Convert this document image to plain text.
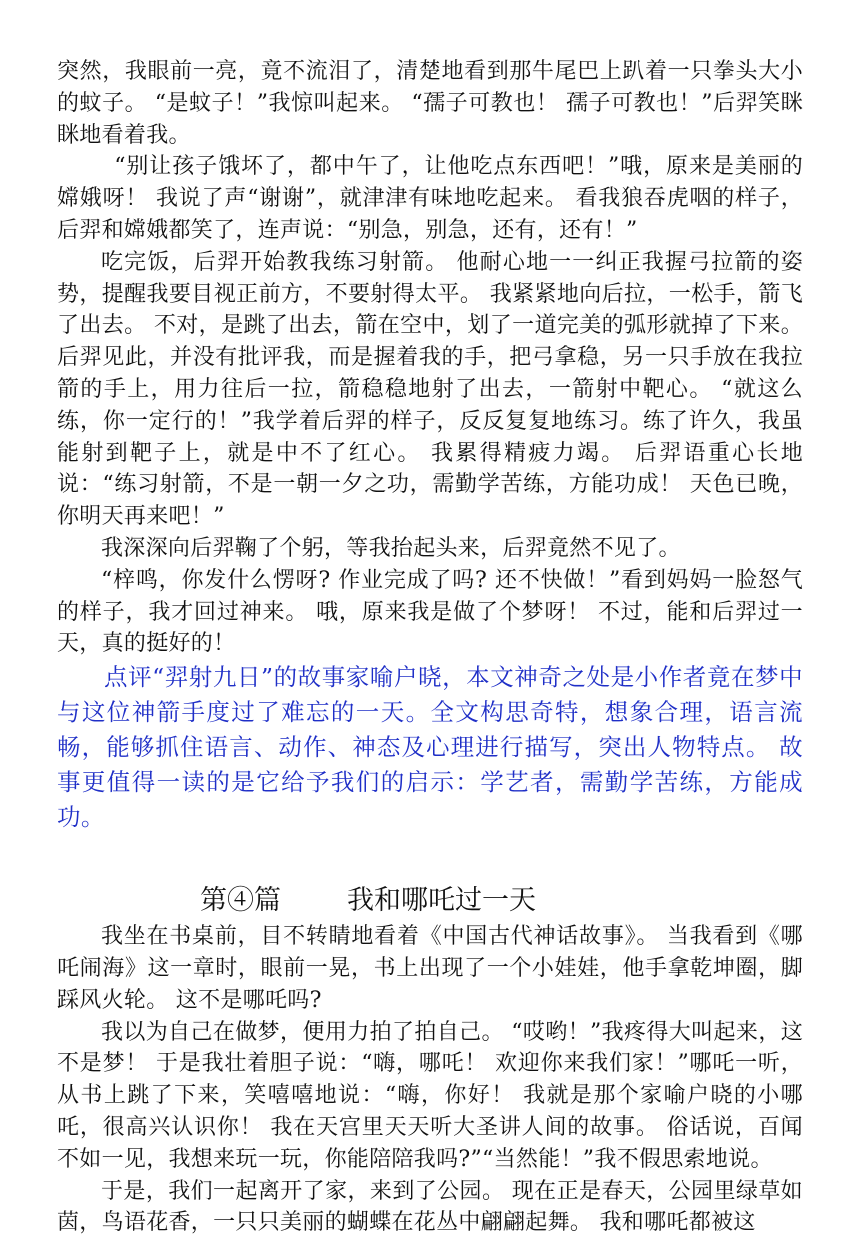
突然，我眼前一亮，竟不流泪了，清楚地看到那牛尾巴上趴着一只拳头大小的蚊子。 “是蚊子！”我惊叫起来。 “孺子可教也！ 孺子可教也！”后羿笑眯眯地看着我。

“别让孩子饿坏了，都中午了，让他吃点东西吧！”哦，原来是美丽的嫦娥呀！ 我说了声“谢谢”，就津津有味地吃起来。 看我狼吞虎咽的样子，后羿和嫦娥都笑了，连声说：“别急，别急，还有，还有！”

吃完饭，后羿开始教我练习射箭。 他耐心地一一纠正我握弓拉箭的姿势，提醒我要目视正前方，不要射得太平。 我紧紧地向后拉，一松手，箭飞了出去。 不对，是跳了出去，箭在空中，划了一道完美的弧形就掉了下来。 后羿见此，并没有批评我，而是握着我的手，把弓拿稳，另一只手放在我拉箭的手上，用力往后一拉，箭稳稳地射了出去，一箭射中靶心。 “就这么练，你一定行的！”我学着后羿的样子，反反复复地练习。练了许久，我虽能射到靶子上，就是中不了红心。 我累得精疲力竭。 后羿语重心长地说：“练习射箭，不是一朝一夕之功，需勤学苦练，方能功成！ 天色已晚，你明天再来吧！”

我深深向后羿鞠了个躬，等我抬起头来，后羿竟然不见了。

“梓鸣，你发什么愣呀? 作业完成了吗? 还不快做！”看到妈妈一脸怒气的样子，我才回过神来。 哦，原来我是做了个梦呀！ 不过，能和后羿过一天，真的挺好的！

点评“羿射九日”的故事家喻户晓，本文神奇之处是小作者竟在梦中与这位神箭手度过了难忘的一天。全文构思奇特，想象合理，语言流畅，能够抓住语言、动作、神态及心理进行描写，突出人物特点。 故事更值得一读的是它给予我们的启示：学艺者，需勤学苦练，方能成功。

第④篇 我和哪吒过一天

我坐在书桌前，目不转睛地看着《中国古代神话故事》。 当我看到《哪吒闹海》这一章时，眼前一晃，书上出现了一个小娃娃，他手拿乾坤圈，脚踩风火轮。 这不是哪吒吗?

我以为自己在做梦，便用力拍了拍自己。 “哎哟！”我疼得大叫起来，这不是梦！ 于是我壮着胆子说：“嗨，哪吒！ 欢迎你来我们家！”哪吒一听，从书上跳了下来，笑嘻嘻地说：“嗨，你好！ 我就是那个家喻户晓的小哪吒，很高兴认识你！ 我在天宫里天天听大圣讲人间的故事。 俗话说，百闻不如一见，我想来玩一玩，你能陪陪我吗?”“当然能！”我不假思索地说。

于是，我们一起离开了家，来到了公园。 现在正是春天，公园里绿草如茵，鸟语花香，一只只美丽的蝴蝶在花丛中翩翩起舞。 我和哪吒都被这
